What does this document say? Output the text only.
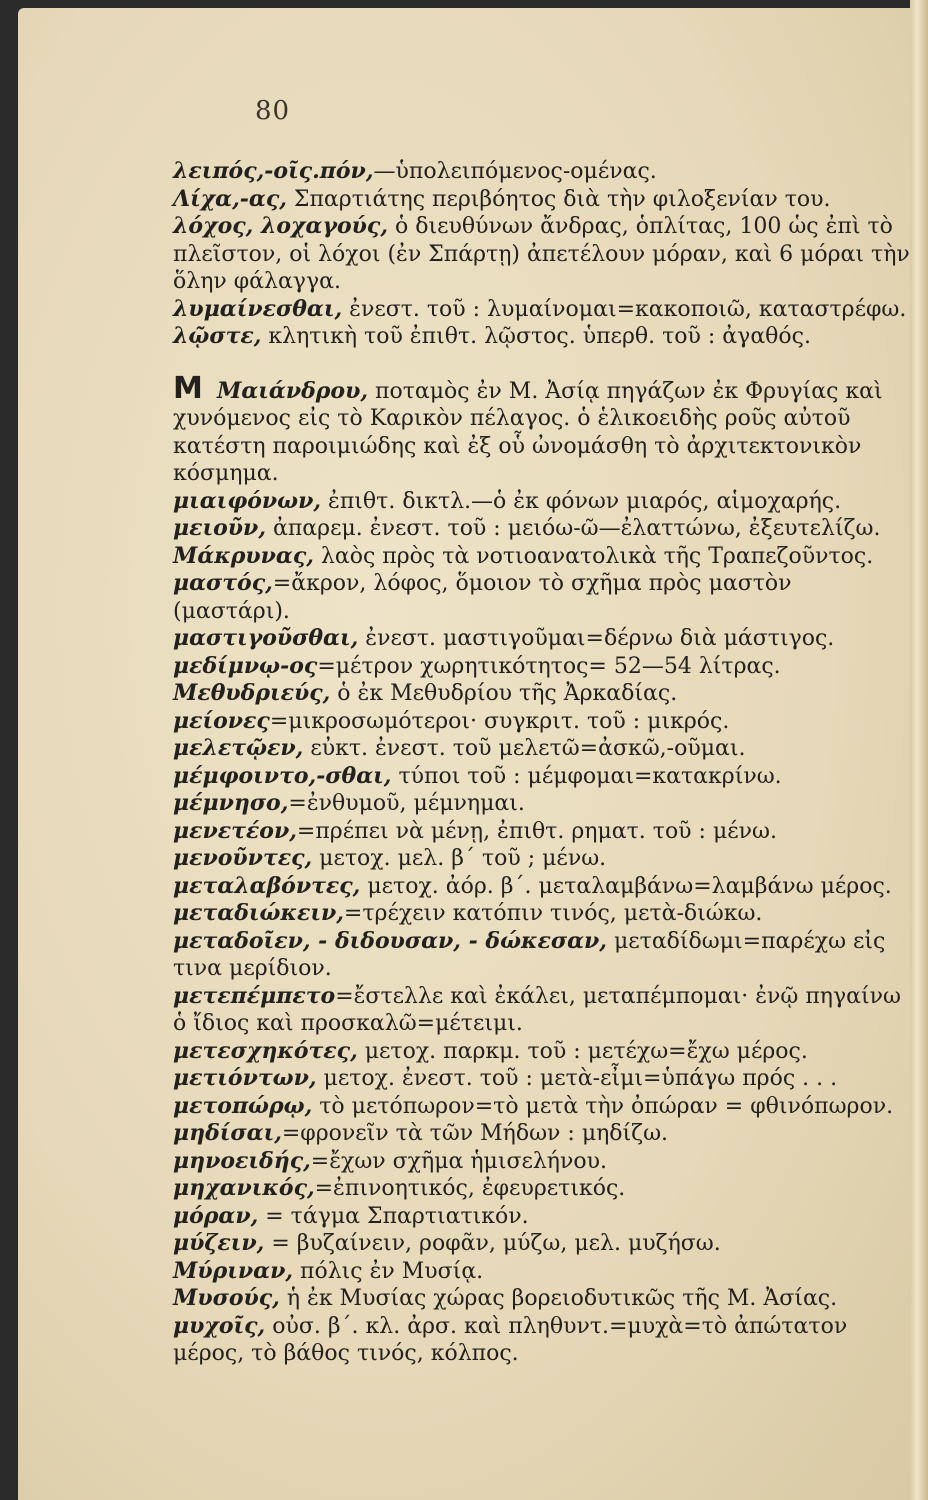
80

λειπός,-οῖς.πόν,—ὑπολειπόμενος-ομένας.

Λίχα,-ας, Σπαρτιάτης περιβόητος διὰ τὴν φιλοξενίαν του.

λόχος, λοχαγούς, ὁ διευθύνων ἄνδρας, ὁπλίτας, 100 ὡς ἐπὶ τὸ πλεῖστον, οἱ λόχοι (ἐν Σπάρτῃ) ἀπετέλουν μόραν, καὶ 6 μόραι τὴν ὅλην φάλαγγα.

λυμαίνεσθαι, ἐνεστ. τοῦ : λυμαίνομαι=κακοποιῶ, καταστρέφω.

λῷστε, κλητικὴ τοῦ ἐπιθτ. λῷστος. ὑπερθ. τοῦ : ἀγαθός.

Μ Μαιάνδρου, ποταμὸς ἐν Μ. Ἀσίᾳ πηγάζων ἐκ Φρυγίας καὶ χυνόμενος εἰς τὸ Καρικὸν πέλαγος. ὁ ἑλικοειδὴς ροῦς αὐτοῦ κατέστη παροιμιώδης καὶ ἐξ οὗ ὠνομάσθη τὸ ἀρχιτεκτονικὸν κόσμημα.

μιαιφόνων, ἐπιθτ. δικτλ.—ὁ ἐκ φόνων μιαρός, αἱμοχαρής.

μειοῦν, ἀπαρεμ. ἐνεστ. τοῦ : μειόω-ῶ—ἐλαττώνω, ἐξευτελίζω.

Μάκρυνας, λαὸς πρὸς τὰ νοτιοανατολικὰ τῆς Τραπεζοῦντος.

μαστός,=ἄκρον, λόφος, ὅμοιον τὸ σχῆμα πρὸς μαστὸν (μαστάρι).

μαστιγοῦσθαι, ἐνεστ. μαστιγοῦμαι=δέρνω διὰ μάστιγος.

μεδίμνῳ-ος=μέτρον χωρητικότητος= 52—54 λίτρας.

Μεθυδριεύς, ὁ ἐκ Μεθυδρίου τῆς Ἀρκαδίας.

μείονες=μικροσωμότεροι· συγκριτ. τοῦ : μικρός.

μελετῷεν, εὐκτ. ἐνεστ. τοῦ μελετῶ=ἀσκῶ,-οῦμαι.

μέμφοιντο,-σθαι, τύποι τοῦ : μέμφομαι=κατακρίνω.

μέμνησο,=ἐνθυμοῦ, μέμνημαι.

μενετέον,=πρέπει νὰ μένῃ, ἐπιθτ. ρηματ. τοῦ : μένω.

μενοῦντες, μετοχ. μελ. β΄ τοῦ ; μένω.

μεταλαβόντες, μετοχ. ἀόρ. β΄. μεταλαμβάνω=λαμβάνω μέρος.

μεταδιώκειν,=τρέχειν κατόπιν τινός, μετὰ-διώκω.

μεταδοῖεν, - διδουσαν, - δώκεσαν, μεταδίδωμι=παρέχω εἰς τινα μερίδιον.

μετεπέμπετο=ἔστελλε καὶ ἐκάλει, μεταπέμπομαι· ἐνῷ πηγαίνω ὁ ἴδιος καὶ προσκαλῶ=μέτειμι.

μετεσχηκότες, μετοχ. παρκμ. τοῦ : μετέχω=ἔχω μέρος.

μετιόντων, μετοχ. ἐνεστ. τοῦ : μετὰ-εἶμι=ὑπάγω πρός . . .

μετοπώρῳ, τὸ μετόπωρον=τὸ μετὰ τὴν ὀπώραν = φθινόπωρον.

μηδίσαι,=φρονεῖν τὰ τῶν Μήδων : μηδίζω.

μηνοειδής,=ἔχων σχῆμα ἡμισελήνου.

μηχανικός,=ἐπινοητικός, ἐφευρετικός.

μόραν, = τάγμα Σπαρτιατικόν.

μύζειν, = βυζαίνειν, ροφᾶν, μύζω, μελ. μυζήσω.

Μύριναν, πόλις ἐν Μυσίᾳ.

Μυσούς, ἡ ἐκ Μυσίας χώρας βορειοδυτικῶς τῆς Μ. Ἀσίας.

μυχοῖς, οὐσ. β΄. κλ. ἀρσ. καὶ πληθυντ.=μυχὰ=τὸ ἀπώτατον μέρος, τὸ βάθος τινός, κόλπος.
